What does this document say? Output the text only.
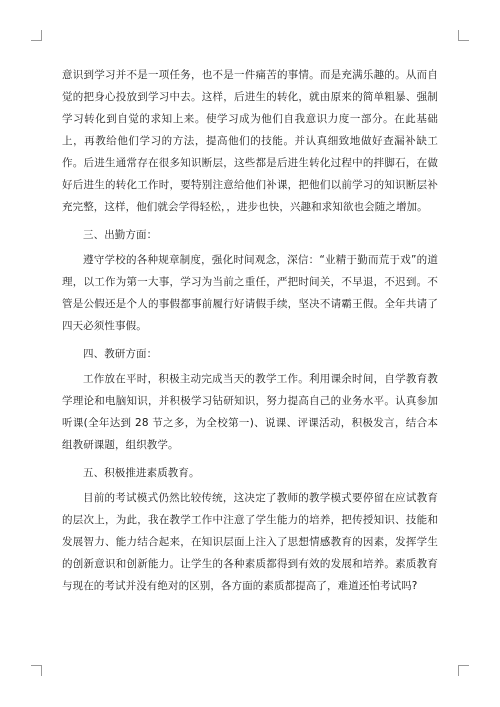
意识到学习并不是一项任务，也不是一件痛苦的事情。而是充满乐趣的。从而自觉的把身心投放到学习中去。这样，后进生的转化，就由原来的简单粗暴、强制学习转化到自觉的求知上来。使学习成为他们自我意识力度一部分。在此基础上，再教给他们学习的方法，提高他们的技能。并认真细致地做好查漏补缺工作。后进生通常存在很多知识断层，这些都是后进生转化过程中的拌脚石，在做好后进生的转化工作时，要特别注意给他们补课，把他们以前学习的知识断层补充完整，这样，他们就会学得轻松，，进步也快，兴趣和求知欲也会随之增加。

三、出勤方面：

遵守学校的各种规章制度，强化时间观念，深信：“业精于勤而荒于戏”的道理，以工作为第一大事，学习为当前之重任，严把时间关，不早退，不迟到。不管是公假还是个人的事假都事前履行好请假手续，坚决不请霸王假。全年共请了四天必须性事假。

四、教研方面：

工作放在平时，积极主动完成当天的教学工作。利用课余时间，自学教育教学理论和电脑知识，并积极学习钻研知识，努力提高自己的业务水平。认真参加听课(全年达到 28 节之多，为全校第一)、说课、评课活动，积极发言，结合本组教研课题，组织教学。

五、积极推进素质教育。

目前的考试模式仍然比较传统，这决定了教师的教学模式要停留在应试教育的层次上，为此，我在教学工作中注意了学生能力的培养，把传授知识、技能和发展智力、能力结合起来，在知识层面上注入了思想情感教育的因素，发挥学生的创新意识和创新能力。让学生的各种素质都得到有效的发展和培养。素质教育与现在的考试并没有绝对的区别，各方面的素质都提高了，难道还怕考试吗?
